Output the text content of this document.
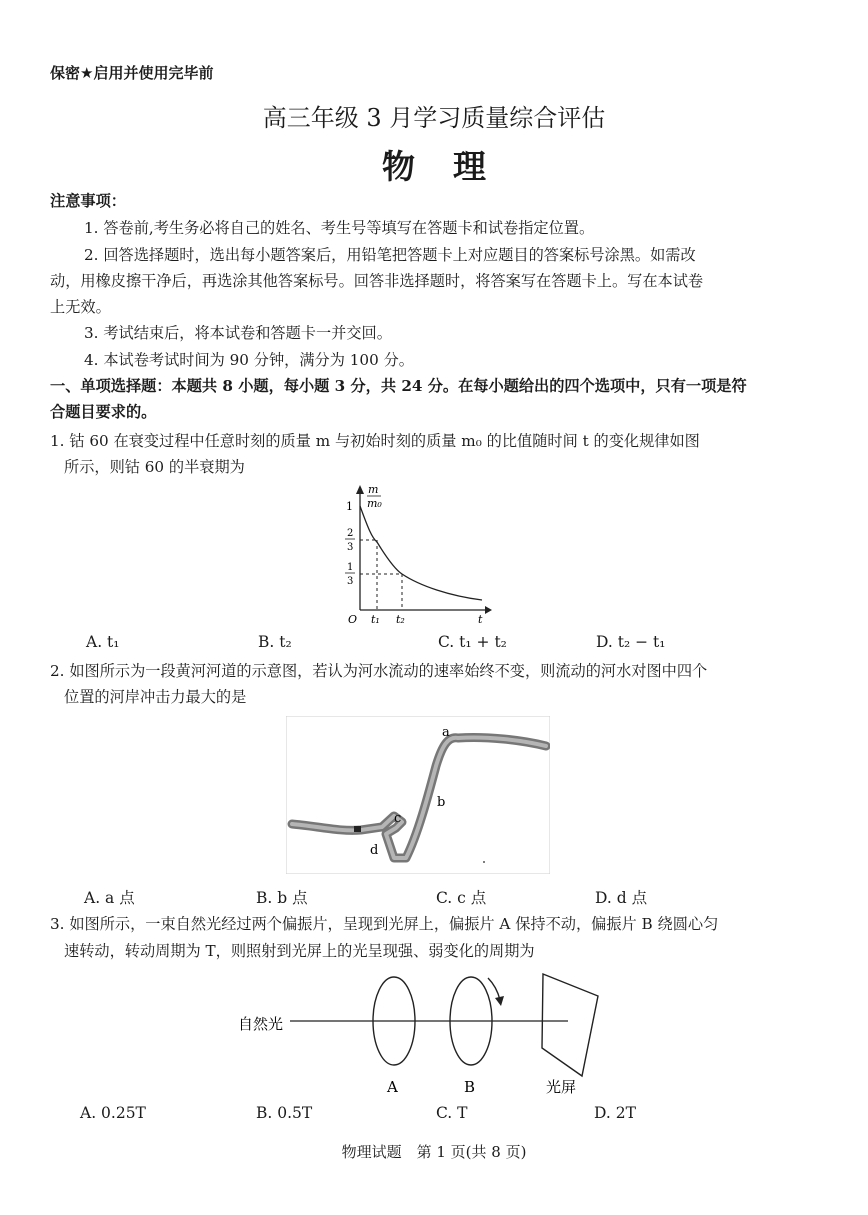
保密★启用并使用完毕前
高三年级 3 月学习质量综合评估
物理
注意事项：
1. 答卷前,考生务必将自己的姓名、考生号等填写在答题卡和试卷指定位置。
2. 回答选择题时，选出每小题答案后，用铅笔把答题卡上对应题目的答案标号涂黑。如需改
动，用橡皮擦干净后，再选涂其他答案标号。回答非选择题时，将答案写在答题卡上。写在本试卷
上无效。
3. 考试结束后，将本试卷和答题卡一并交回。
4. 本试卷考试时间为 90 分钟，满分为 100 分。
一、单项选择题：本题共 8 小题，每小题 3 分，共 24 分。在每小题给出的四个选项中，只有一项是符
合题目要求的。
1. 钴 60 在衰变过程中任意时刻的质量 m 与初始时刻的质量 m₀ 的比值随时间 t 的变化规律如图
所示，则钴 60 的半衰期为
m
m₀
1
2
3
1
3
O t₁ t₂	t
A. t₁	B. t₂	C. t₁ + t₂	D. t₂ − t₁
2. 如图所示为一段黄河河道的示意图，若认为河水流动的速率始终不变，则流动的河水对图中四个
位置的河岸冲击力最大的是
a
b
c
d
A. a 点	B. b 点	C. c 点	D. d 点
3. 如图所示，一束自然光经过两个偏振片，呈现到光屏上，偏振片 A 保持不动，偏振片 B 绕圆心匀
速转动，转动周期为 T，则照射到光屏上的光呈现强、弱变化的周期为
自然光
A	B	光屏
A. 0.25T	B. 0.5T	C. T	D. 2T
物理试题　第 1 页(共 8 页)
